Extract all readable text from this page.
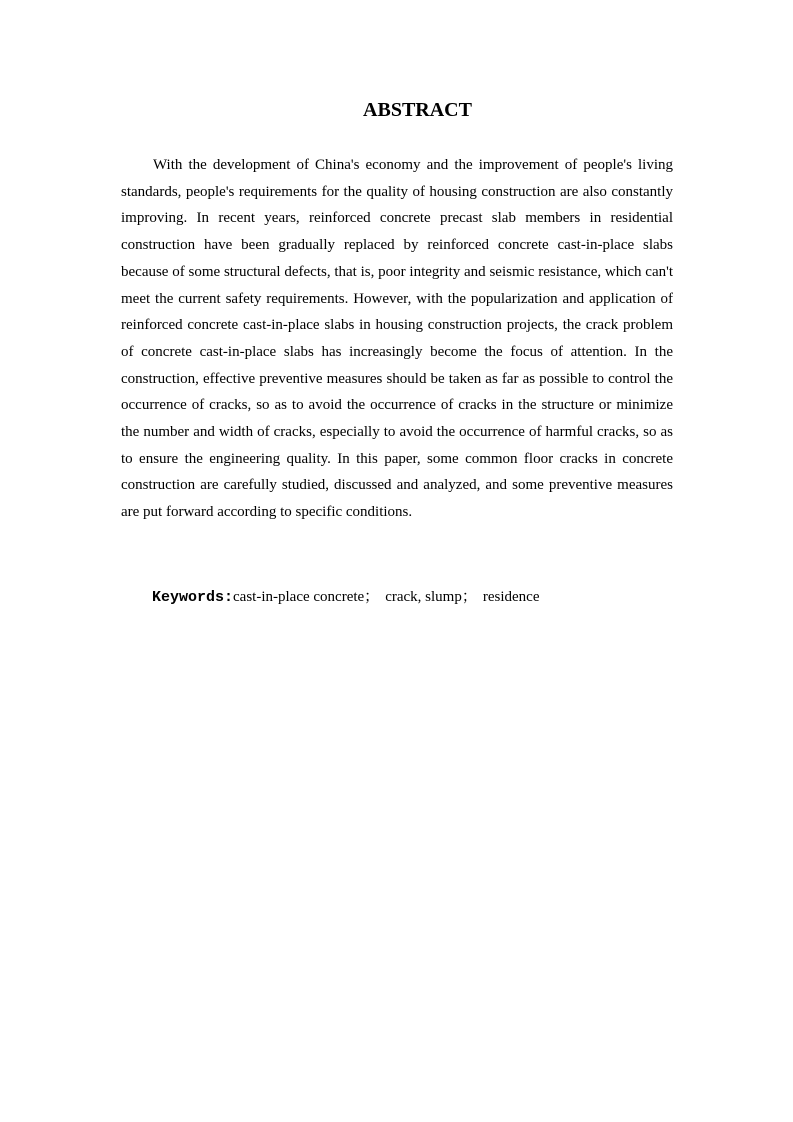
ABSTRACT

With the development of China's economy and the improvement of people's living standards, people's requirements for the quality of housing construction are also constantly improving. In recent years, reinforced concrete precast slab members in residential construction have been gradually replaced by reinforced concrete cast-in-place slabs because of some structural defects, that is, poor integrity and seismic resistance, which can't meet the current safety requirements. However, with the popularization and application of reinforced concrete cast-in-place slabs in housing construction projects, the crack problem of concrete cast-in-place slabs has increasingly become the focus of attention. In the construction, effective preventive measures should be taken as far as possible to control the occurrence of cracks, so as to avoid the occurrence of cracks in the structure or minimize the number and width of cracks, especially to avoid the occurrence of harmful cracks, so as to ensure the engineering quality. In this paper, some common floor cracks in concrete construction are carefully studied, discussed and analyzed, and some preventive measures are put forward according to specific conditions.

Keywords:cast-in-place concrete； crack, slump； residence
